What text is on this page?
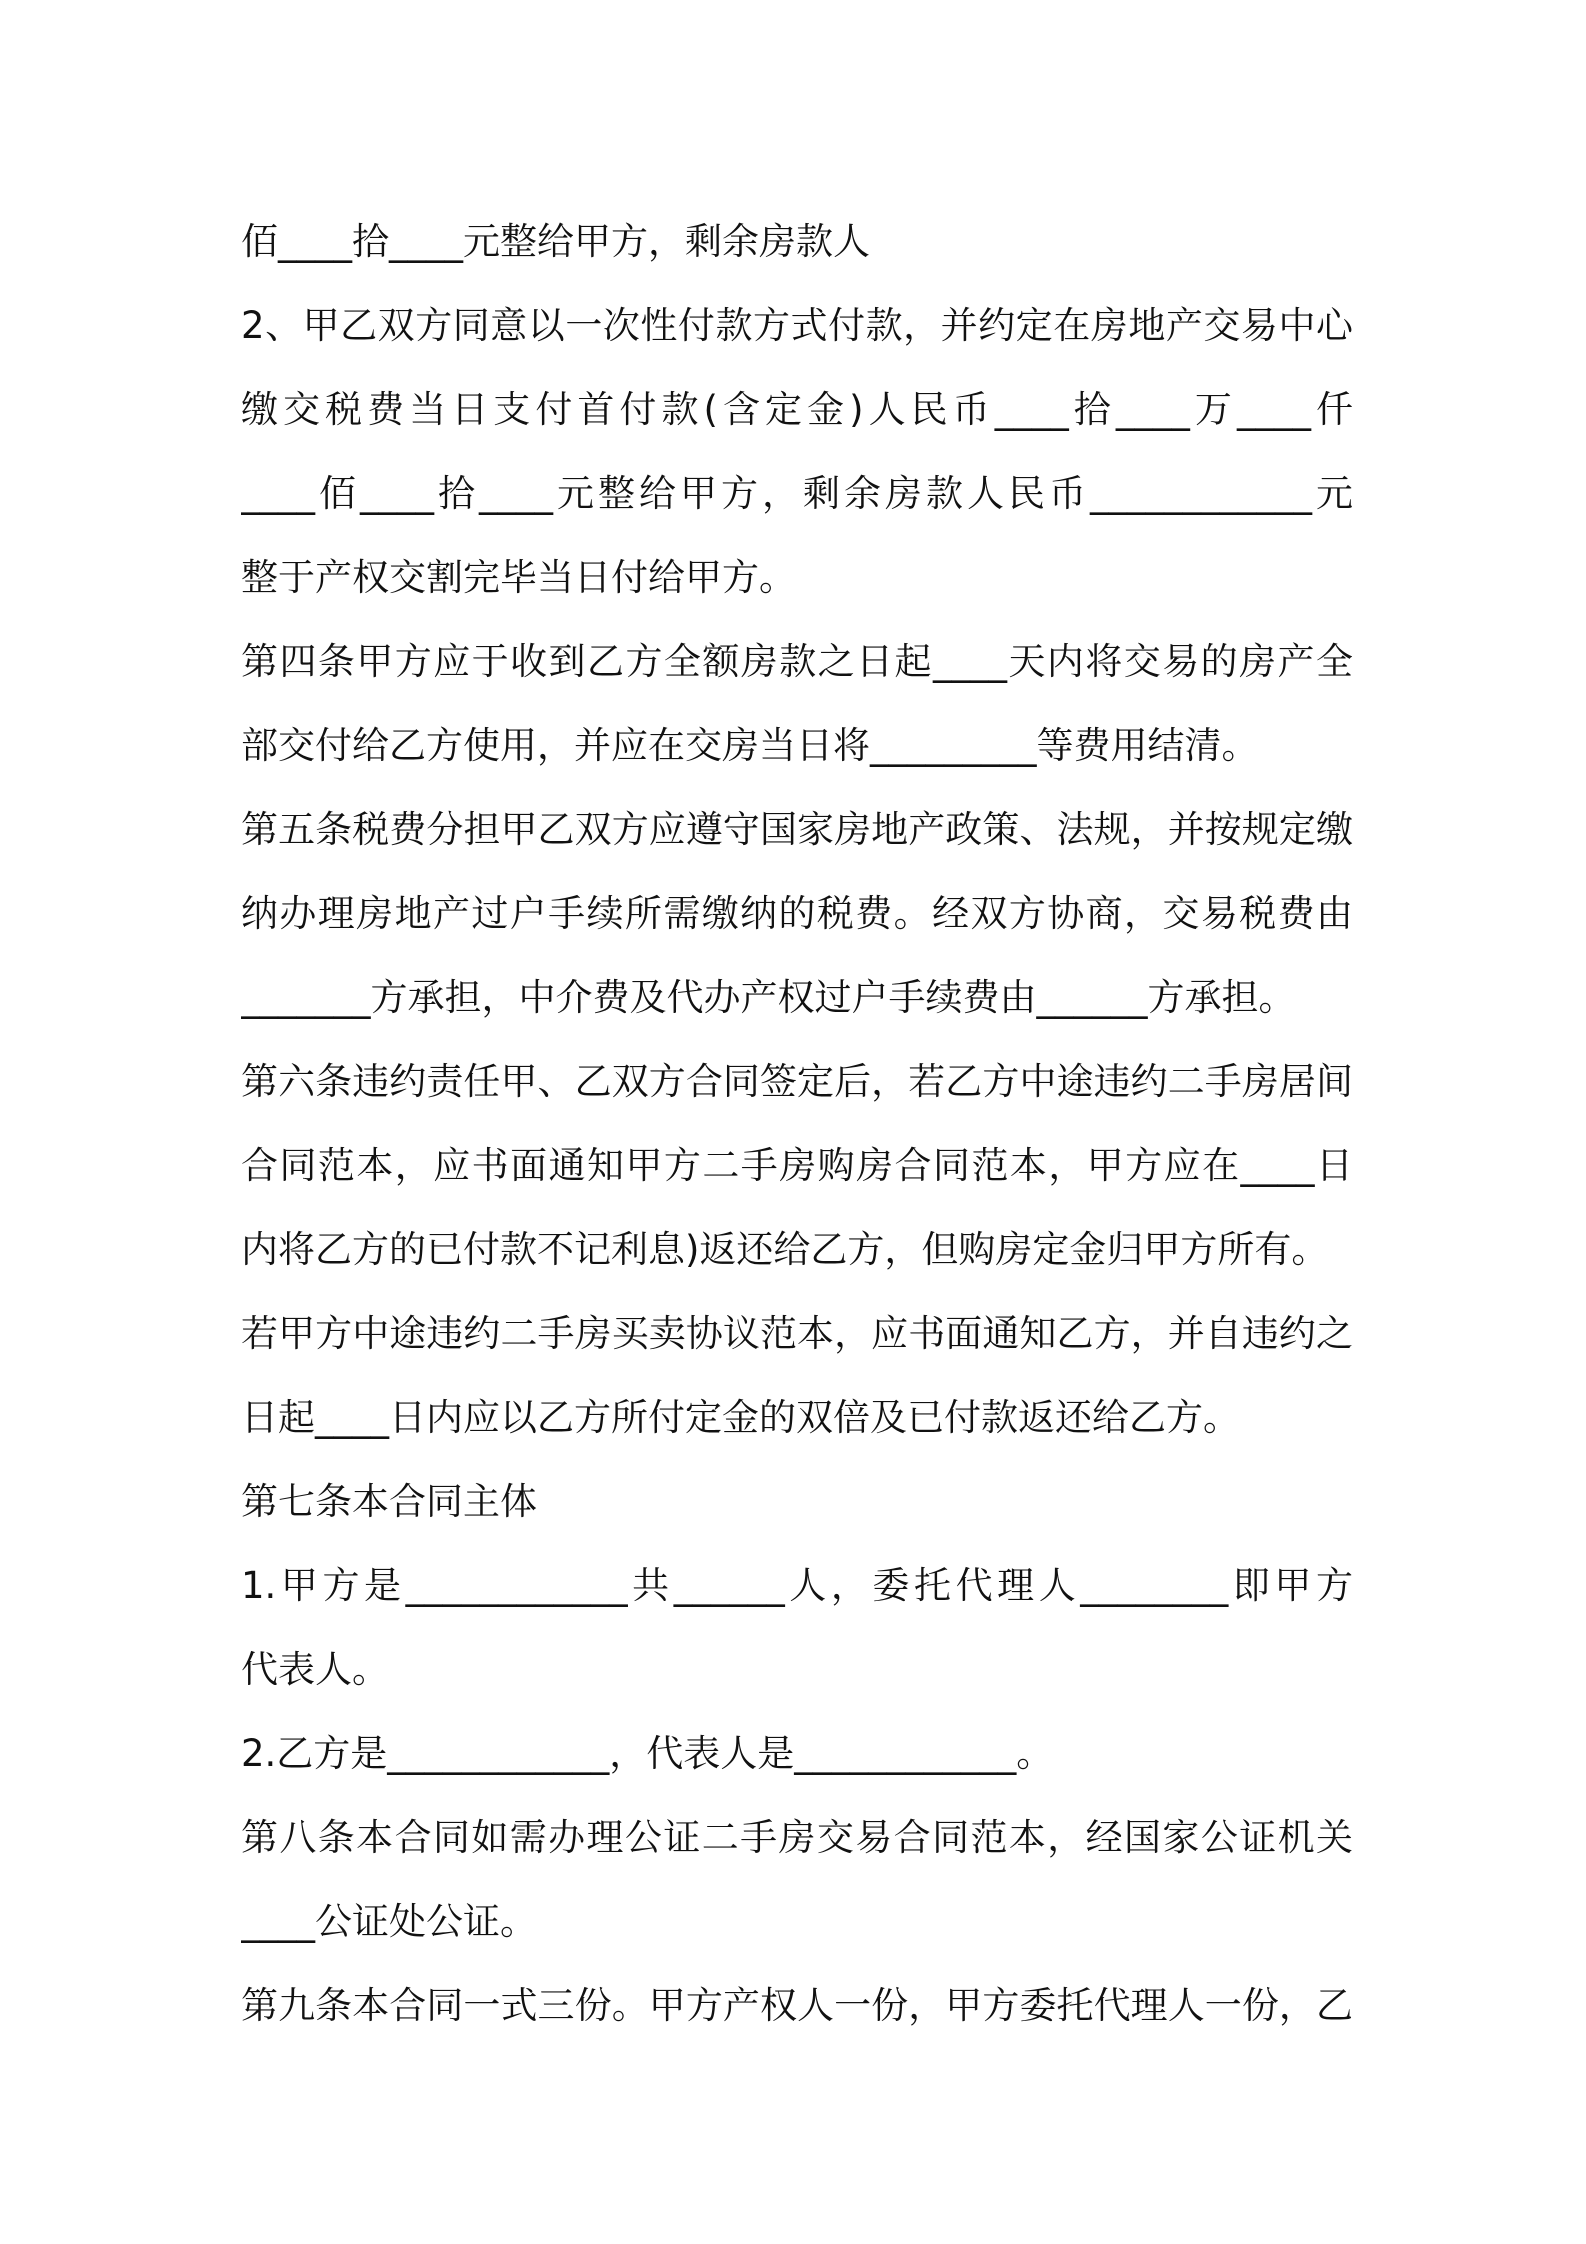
佰____拾____元整给甲方，剩余房款人
2、甲乙双方同意以一次性付款方式付款，并约定在房地产交易中心
缴交税费当日支付首付款(含定金)人民币____拾____万____仟
____佰____拾____元整给甲方，剩余房款人民币____________元
整于产权交割完毕当日付给甲方。
第四条甲方应于收到乙方全额房款之日起____天内将交易的房产全
部交付给乙方使用，并应在交房当日将_________等费用结清。
第五条税费分担甲乙双方应遵守国家房地产政策、法规，并按规定缴
纳办理房地产过户手续所需缴纳的税费。经双方协商，交易税费由
_______方承担，中介费及代办产权过户手续费由______方承担。
第六条违约责任甲、乙双方合同签定后，若乙方中途违约二手房居间
合同范本，应书面通知甲方二手房购房合同范本，甲方应在____日
内将乙方的已付款不记利息)返还给乙方，但购房定金归甲方所有。
若甲方中途违约二手房买卖协议范本，应书面通知乙方，并自违约之
日起____日内应以乙方所付定金的双倍及已付款返还给乙方。
第七条本合同主体
1.甲方是____________共______人，委托代理人________即甲方
代表人。
2.乙方是____________，代表人是____________。
第八条本合同如需办理公证二手房交易合同范本，经国家公证机关
____公证处公证。
第九条本合同一式三份。甲方产权人一份，甲方委托代理人一份，乙
